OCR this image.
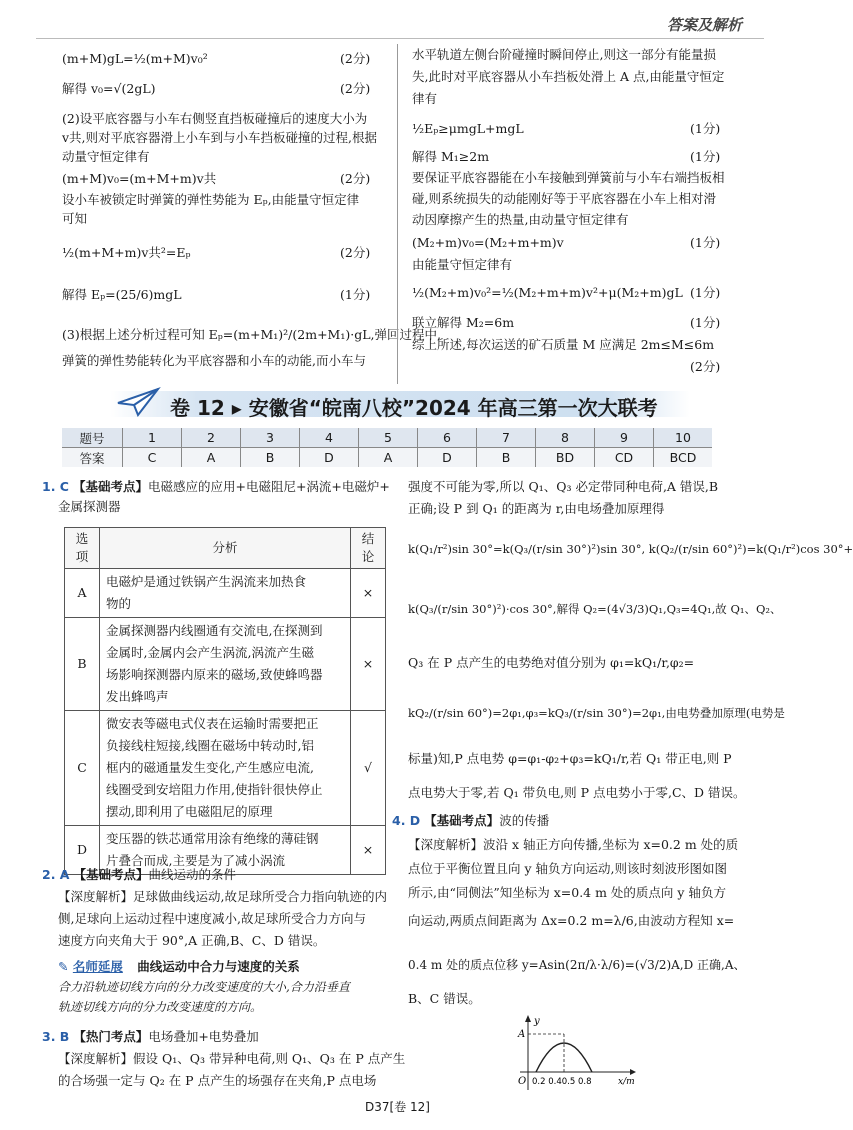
答案及解析
(m+M)gL=½(m+M)v₀²	(2分)
解得 v₀=√(2gL)	(2分)
(2)设平底容器与小车右侧竖直挡板碰撞后的速度大小为
v共,则对平底容器滑上小车到与小车挡板碰撞的过程,根据
动量守恒定律有
(m+M)v₀=(m+M+m)v共	(2分)
设小车被锁定时弹簧的弹性势能为 Eₚ,由能量守恒定律
可知
½(m+M+m)v共²=Eₚ	(2分)
解得 Eₚ=(25/6)mgL	(1分)
(3)根据上述分析过程可知 Eₚ=(m+M₁)²/(2m+M₁)·gL,弹回过程中,
弹簧的弹性势能转化为平底容器和小车的动能,而小车与
水平轨道左侧台阶碰撞时瞬间停止,则这一部分有能量损
失,此时对平底容器从小车挡板处滑上 A 点,由能量守恒定
律有
½Eₚ≥μmgL+mgL	(1分)
解得 M₁≥2m	(1分)
要保证平底容器能在小车接触到弹簧前与小车右端挡板相
碰,则系统损失的动能刚好等于平底容器在小车上相对滑
动因摩擦产生的热量,由动量守恒定律有
(M₂+m)v₀=(M₂+m+m)v	(1分)
由能量守恒定律有
½(M₂+m)v₀²=½(M₂+m+m)v²+μ(M₂+m)gL (1分)
联立解得 M₂=6m	(1分)
综上所述,每次运送的矿石质量 M 应满足 2m≤M≤6m
(2分)
卷 12 ▸ 安徽省“皖南八校”2024 年高三第一次大联考
题号	1	2	3	4	5	6	7	8	9	10
答案	C	A	B	D	A	D	B	BD	CD	BCD
1. C 【基础考点】电磁感应的应用+电磁阻尼+涡流+电磁炉+
金属探测器
选项	分析	结论
A	电磁炉是通过铁锅产生涡流来加热食
物的	×
B	金属探测器内线圈通有交流电,在探测到
金属时,金属内会产生涡流,涡流产生磁
场影响探测器内原来的磁场,致使蜂鸣器
发出蜂鸣声	×
C	微安表等磁电式仪表在运输时需要把正
负接线柱短接,线圈在磁场中转动时,铝
框内的磁通量发生变化,产生感应电流,
线圈受到安培阻力作用,使指针很快停止
摆动,即利用了电磁阻尼的原理	√
D	变压器的铁芯通常用涂有绝缘的薄硅钢
片叠合而成,主要是为了减小涡流	×
2. A 【基础考点】曲线运动的条件
【深度解析】足球做曲线运动,故足球所受合力指向轨迹的内
侧,足球向上运动过程中速度减小,故足球所受合力方向与
速度方向夹角大于 90°,A 正确,B、C、D 错误。
✎ 名师延展 曲线运动中合力与速度的关系
合力沿轨迹切线方向的分力改变速度的大小,合力沿垂直
轨迹切线方向的分力改变速度的方向。
3. B 【热门考点】电场叠加+电势叠加
【深度解析】假设 Q₁、Q₃ 带异种电荷,则 Q₁、Q₃ 在 P 点产生
的合场强一定与 Q₂ 在 P 点产生的场强存在夹角,P 点电场
强度不可能为零,所以 Q₁、Q₃ 必定带同种电荷,A 错误,B
正确;设 P 到 Q₁ 的距离为 r,由电场叠加原理得
k(Q₁/r²)sin 30°=k(Q₃/(r/sin 30°)²)sin 30°, k(Q₂/(r/sin 60°)²)=k(Q₁/r²)cos 30°+
k(Q₃/(r/sin 30°)²)·cos 30°,解得 Q₂=(4√3/3)Q₁,Q₃=4Q₁,故 Q₁、Q₂、
Q₃ 在 P 点产生的电势绝对值分别为 φ₁=kQ₁/r,φ₂=
kQ₂/(r/sin 60°)=2φ₁,φ₃=kQ₃/(r/sin 30°)=2φ₁,由电势叠加原理(电势是
标量)知,P 点电势 φ=φ₁-φ₂+φ₃=kQ₁/r,若 Q₁ 带正电,则 P
点电势大于零,若 Q₁ 带负电,则 P 点电势小于零,C、D 错误。
4. D 【基础考点】波的传播
【深度解析】波沿 x 轴正方向传播,坐标为 x=0.2 m 处的质
点位于平衡位置且向 y 轴负方向运动,则该时刻波形图如图
所示,由“同侧法”知坐标为 x=0.4 m 处的质点向 y 轴负方
向运动,两质点间距离为 Δx=0.2 m=λ/6,由波动方程知 x=
0.4 m 处的质点位移 y=Asin(2π/λ·λ/6)=(√3/2)A,D 正确,A、
B、C 错误。
y
A
O 0.2 0.40.5 0.8	x/m
D37[卷 12]
